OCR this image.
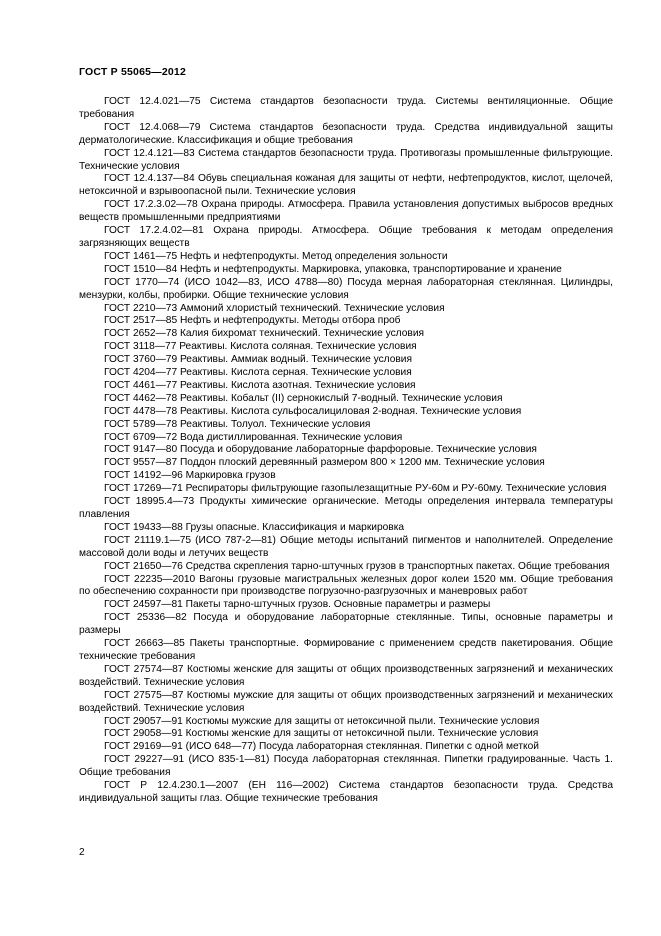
ГОСТ Р 55065—2012

ГОСТ 12.4.021—75 Система стандартов безопасности труда. Системы вентиляционные. Общие требования

ГОСТ 12.4.068—79 Система стандартов безопасности труда. Средства индивидуальной защиты дерматологические. Классификация и общие требования

ГОСТ 12.4.121—83 Система стандартов безопасности труда. Противогазы промышленные фильтрующие. Технические условия

ГОСТ 12.4.137—84 Обувь специальная кожаная для защиты от нефти, нефтепродуктов, кислот, щелочей, нетоксичной и взрывоопасной пыли. Технические условия

ГОСТ 17.2.3.02—78 Охрана природы. Атмосфера. Правила установления допустимых выбросов вредных веществ промышленными предприятиями

ГОСТ 17.2.4.02—81 Охрана природы. Атмосфера. Общие требования к методам определения загрязняющих веществ

ГОСТ 1461—75 Нефть и нефтепродукты. Метод определения зольности

ГОСТ 1510—84 Нефть и нефтепродукты. Маркировка, упаковка, транспортирование и хранение

ГОСТ 1770—74 (ИСО 1042—83, ИСО 4788—80) Посуда мерная лабораторная стеклянная. Цилиндры, мензурки, колбы, пробирки. Общие технические условия

ГОСТ 2210—73 Аммоний хлористый технический. Технические условия

ГОСТ 2517—85 Нефть и нефтепродукты. Методы отбора проб

ГОСТ 2652—78 Калия бихромат технический. Технические условия

ГОСТ 3118—77 Реактивы. Кислота соляная. Технические условия

ГОСТ 3760—79 Реактивы. Аммиак водный. Технические условия

ГОСТ 4204—77 Реактивы. Кислота серная. Технические условия

ГОСТ 4461—77 Реактивы. Кислота азотная. Технические условия

ГОСТ 4462—78 Реактивы. Кобальт (II) сернокислый 7-водный. Технические условия

ГОСТ 4478—78 Реактивы. Кислота сульфосалициловая 2-водная. Технические условия

ГОСТ 5789—78 Реактивы. Толуол. Технические условия

ГОСТ 6709—72 Вода дистиллированная. Технические условия

ГОСТ 9147—80 Посуда и оборудование лабораторные фарфоровые. Технические условия

ГОСТ 9557—87 Поддон плоский деревянный размером 800 × 1200 мм. Технические условия

ГОСТ 14192—96 Маркировка грузов

ГОСТ 17269—71 Респираторы фильтрующие газопылезащитные РУ-60м и РУ-60му. Технические условия

ГОСТ 18995.4—73 Продукты химические органические. Методы определения интервала температуры плавления

ГОСТ 19433—88 Грузы опасные. Классификация и маркировка

ГОСТ 21119.1—75 (ИСО 787-2—81) Общие методы испытаний пигментов и наполнителей. Определение массовой доли воды и летучих веществ

ГОСТ 21650—76 Средства скрепления тарно-штучных грузов в транспортных пакетах. Общие требования

ГОСТ 22235—2010 Вагоны грузовые магистральных железных дорог колеи 1520 мм. Общие требования по обеспечению сохранности при производстве погрузочно-разгрузочных и маневровых работ

ГОСТ 24597—81 Пакеты тарно-штучных грузов. Основные параметры и размеры

ГОСТ 25336—82 Посуда и оборудование лабораторные стеклянные. Типы, основные параметры и размеры

ГОСТ 26663—85 Пакеты транспортные. Формирование с применением средств пакетирования. Общие технические требования

ГОСТ 27574—87 Костюмы женские для защиты от общих производственных загрязнений и механических воздействий. Технические условия

ГОСТ 27575—87 Костюмы мужские для защиты от общих производственных загрязнений и механических воздействий. Технические условия

ГОСТ 29057—91 Костюмы мужские для защиты от нетоксичной пыли. Технические условия

ГОСТ 29058—91 Костюмы женские для защиты от нетоксичной пыли. Технические условия

ГОСТ 29169—91 (ИСО 648—77) Посуда лабораторная стеклянная. Пипетки с одной меткой

ГОСТ 29227—91 (ИСО 835-1—81) Посуда лабораторная стеклянная. Пипетки градуированные. Часть 1. Общие требования

ГОСТ Р 12.4.230.1—2007 (ЕН 116—2002) Система стандартов безопасности труда. Средства индивидуальной защиты глаз. Общие технические требования

2
